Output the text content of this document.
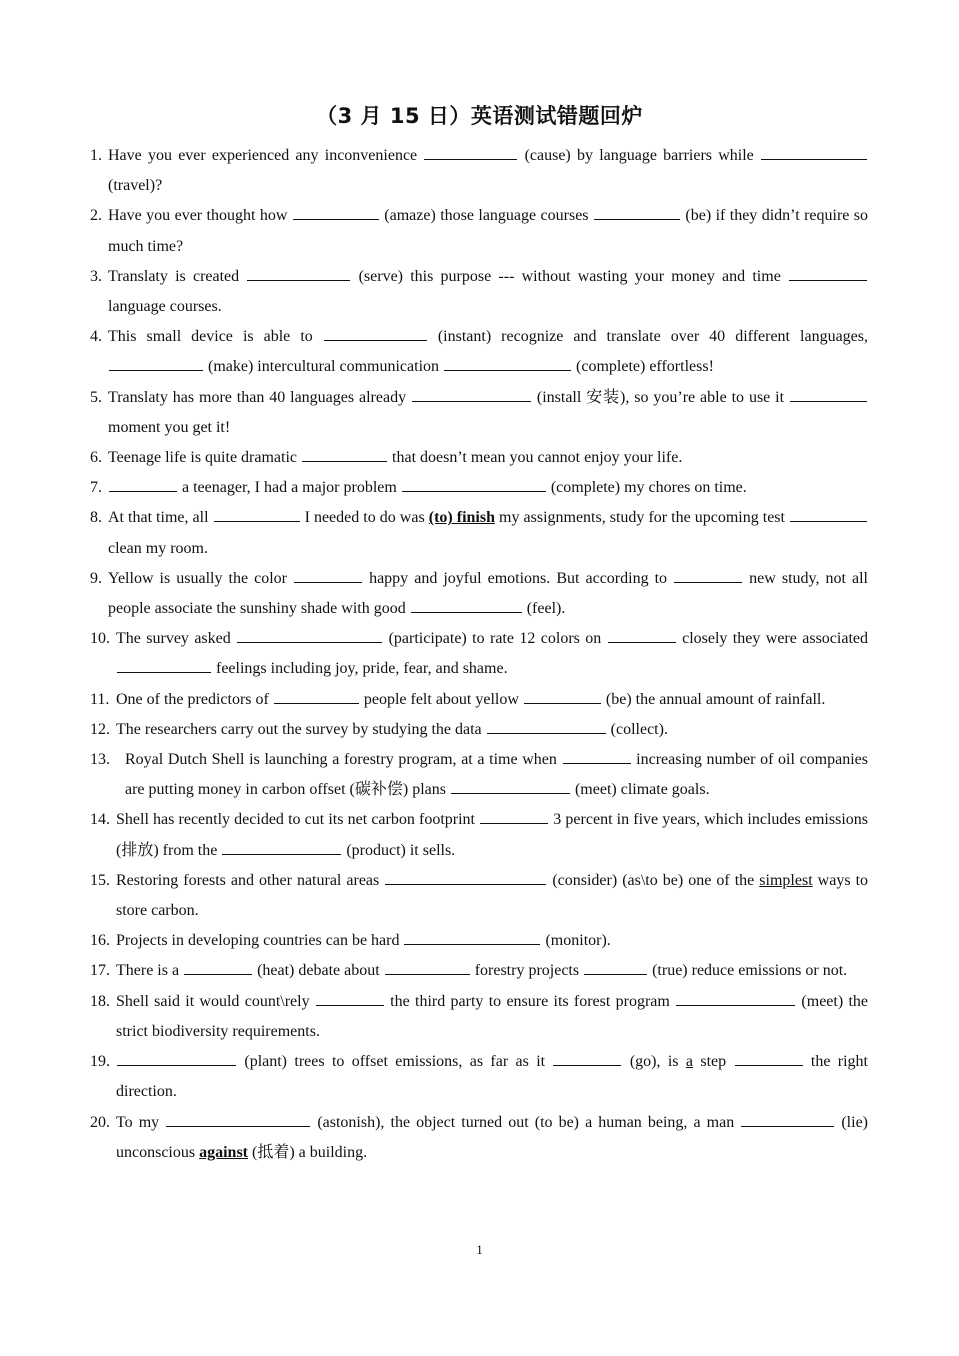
（3 月 15 日）英语测试错题回炉
1. Have you ever experienced any inconvenience	(cause) by language barriers while  (travel)?
2. Have you ever thought how	(amaze) those language courses	(be) if they didn’t require so much time?
3. Translaty is created	(serve) this purpose --- without wasting your money and time  language courses.
4. This small device is able to	(instant) recognize and translate over 40 different languages,  (make) intercultural communication	(complete) effortless!
5. Translaty has more than 40 languages already	(install 安装), so you’re able to use it  moment you get it!
6. Teenage life is quite dramatic	that doesn’t mean you cannot enjoy your life.
7.	a teenager, I had a major problem	(complete) my chores on time.
8. At that time, all	I needed to do was (to) finish my assignments, study for the upcoming test  clean my room.
9. Yellow is usually the color	happy and joyful emotions. But according to	new study, not all people associate the sunshiny shade with good	(feel).
10. The survey asked	(participate) to rate 12 colors on	closely they were associated  feelings including joy, pride, fear, and shame.
11. One of the predictors of	people felt about yellow	(be) the annual amount of rainfall.
12. The researchers carry out the survey by studying the data	(collect).
13. Royal Dutch Shell is launching a forestry program, at a time when	increasing number of oil companies are putting money in carbon offset (碳补偿) plans	(meet) climate goals.
14. Shell has recently decided to cut its net carbon footprint	3 percent in five years, which includes emissions (排放) from the	(product) it sells.
15. Restoring forests and other natural areas	(consider) (as\to be) one of the simplest ways to store carbon.
16. Projects in developing countries can be hard	(monitor).
17. There is a	(heat) debate about	forestry projects	(true) reduce emissions or not.
18. Shell said it would count\rely	the third party to ensure its forest program	(meet) the strict biodiversity requirements.
19.	(plant) trees to offset emissions, as far as it	(go), is a step	the right direction.
20. To my	(astonish), the object turned out (to be) a human being, a man	(lie) unconscious against (抵着) a building.
1
